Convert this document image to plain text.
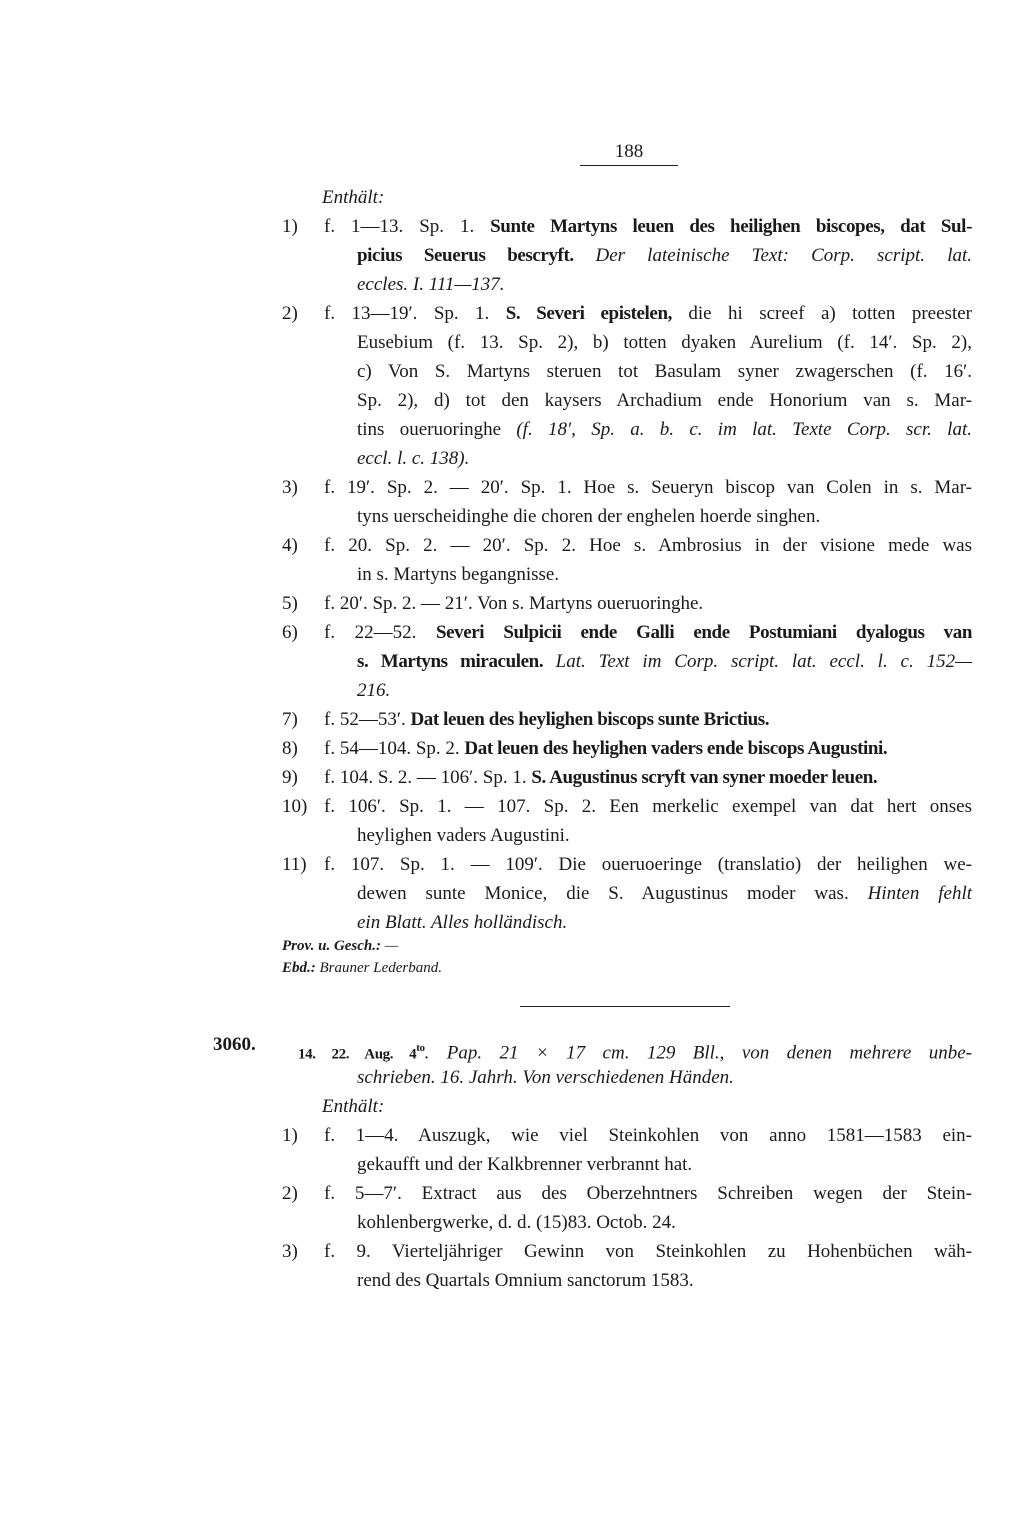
188
Enthält:
1) f. 1—13. Sp. 1. Sunte Martyns leuen des heilighen biscopes, dat Sul-
picius Seuerus bescryft. Der lateinische Text: Corp. script. lat.
eccles. I. 111—137.
2) f. 13—19′. Sp. 1. S. Severi epistelen, die hi screef a) totten preester
Eusebium (f. 13. Sp. 2), b) totten dyaken Aurelium (f. 14′. Sp. 2),
c) Von S. Martyns steruen tot Basulam syner zwagerschen (f. 16′.
Sp. 2), d) tot den kaysers Archadium ende Honorium van s. Mar-
tins oueruoringhe (f. 18′, Sp. a. b. c. im lat. Texte Corp. scr. lat.
eccl. l. c. 138).
3) f. 19′. Sp. 2. — 20′. Sp. 1. Hoe s. Seueryn biscop van Colen in s. Mar-
tyns uerscheidinghe die choren der enghelen hoerde singhen.
4) f. 20. Sp. 2. — 20′. Sp. 2. Hoe s. Ambrosius in der visione mede was
in s. Martyns begangnisse.
5) f. 20′. Sp. 2. — 21′. Von s. Martyns oueruoringhe.
6) f. 22—52. Severi Sulpicii ende Galli ende Postumiani dyalogus van
s. Martyns miraculen. Lat. Text im Corp. script. lat. eccl. l. c. 152—
216.
7) f. 52—53′. Dat leuen des heylighen biscops sunte Brictius.
8) f. 54—104. Sp. 2. Dat leuen des heylighen vaders ende biscops Augustini.
9) f. 104. S. 2. — 106′. Sp. 1. S. Augustinus scryft van syner moeder leuen.
10) f. 106′. Sp. 1. — 107. Sp. 2. Een merkelic exempel van dat hert onses
heylighen vaders Augustini.
11) f. 107. Sp. 1. — 109′. Die oueruoeringe (translatio) der heilighen we-
dewen sunte Monice, die S. Augustinus moder was. Hinten fehlt
ein Blatt. Alles holländisch.
Prov. u. Gesch.: —
Ebd.: Brauner Lederband.
3060.	14. 22. Aug. $4^{to}$. Pap. 21 × 17 cm. 129 Bll., von denen mehrere unbe-
schrieben. 16. Jahrh. Von verschiedenen Händen.
Enthält:
1) f. 1—4. Auszugk, wie viel Steinkohlen von anno 1581—1583 ein-
gekaufft und der Kalkbrenner verbrannt hat.
2) f. 5—7′. Extract aus des Oberzehntners Schreiben wegen der Stein-
kohlenbergwerke, d. d. (15)83. Octob. 24.
3) f. 9. Vierteljähriger Gewinn von Steinkohlen zu Hohenbüchen wäh-
rend des Quartals Omnium sanctorum 1583.
